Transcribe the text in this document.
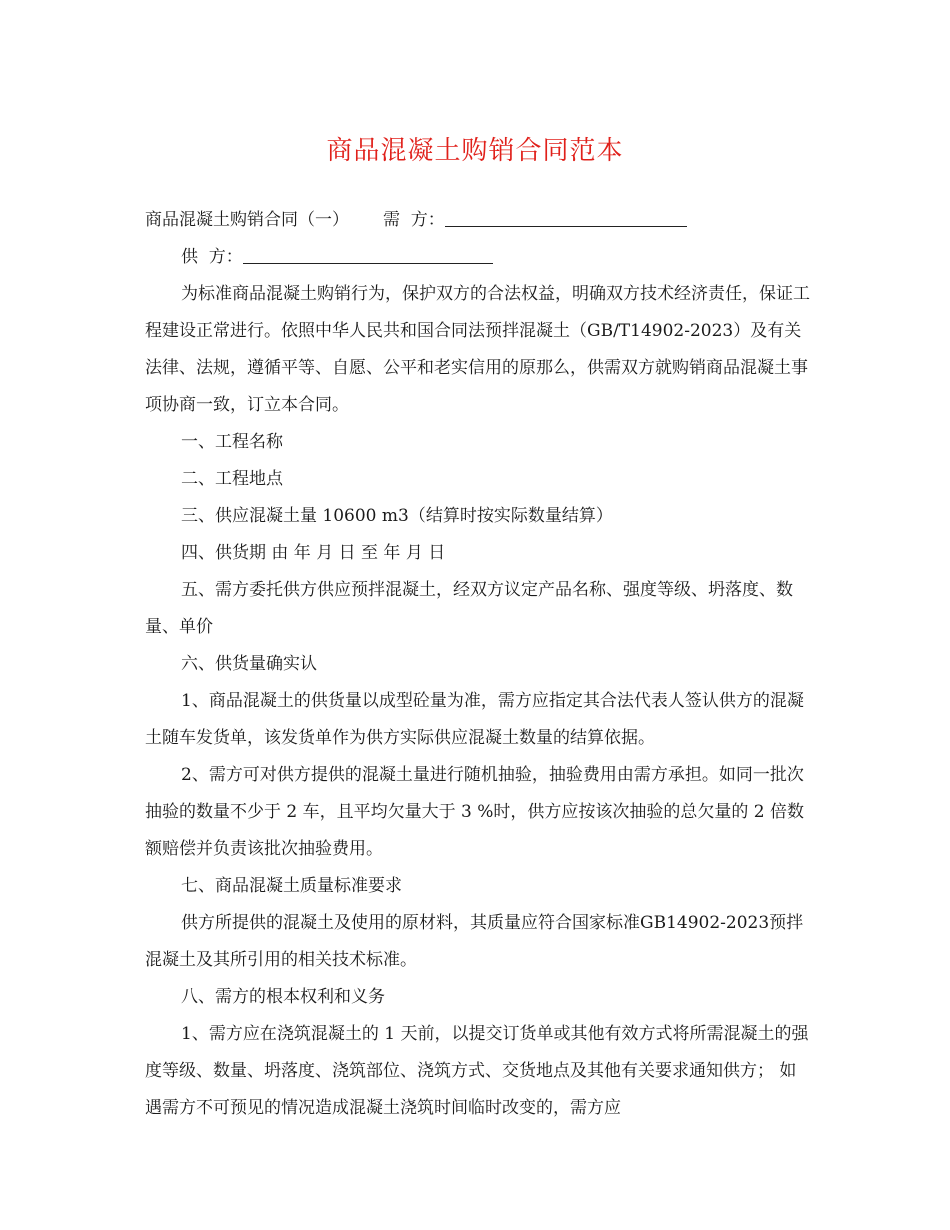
商品混凝土购销合同范本

商品混凝土购销合同（一） 需  方：

供  方：

为标准商品混凝土购销行为，保护双方的合法权益，明确双方技术经济责任，保证工程建设正常进行。依照中华人民共和国合同法预拌混凝土（GB/T14902-2023）及有关法律、法规，遵循平等、自愿、公平和老实信用的原那么，供需双方就购销商品混凝土事项协商一致，订立本合同。

一、工程名称

二、工程地点

三、供应混凝土量 10600 m3（结算时按实际数量结算）

四、供货期 由 年 月 日 至 年 月 日

五、需方委托供方供应预拌混凝土，经双方议定产品名称、强度等级、坍落度、数量、单价

六、供货量确实认

1、商品混凝土的供货量以成型砼量为准，需方应指定其合法代表人签认供方的混凝土随车发货单，该发货单作为供方实际供应混凝土数量的结算依据。

2、需方可对供方提供的混凝土量进行随机抽验，抽验费用由需方承担。如同一批次抽验的数量不少于 2 车，且平均欠量大于 3 %时，供方应按该次抽验的总欠量的 2 倍数额赔偿并负责该批次抽验费用。

七、商品混凝土质量标准要求

供方所提供的混凝土及使用的原材料，其质量应符合国家标准GB14902-2023预拌混凝土及其所引用的相关技术标准。

八、需方的根本权利和义务

1、需方应在浇筑混凝土的 1 天前，以提交订货单或其他有效方式将所需混凝土的强度等级、数量、坍落度、浇筑部位、浇筑方式、交货地点及其他有关要求通知供方； 如遇需方不可预见的情况造成混凝土浇筑时间临时改变的，需方应
